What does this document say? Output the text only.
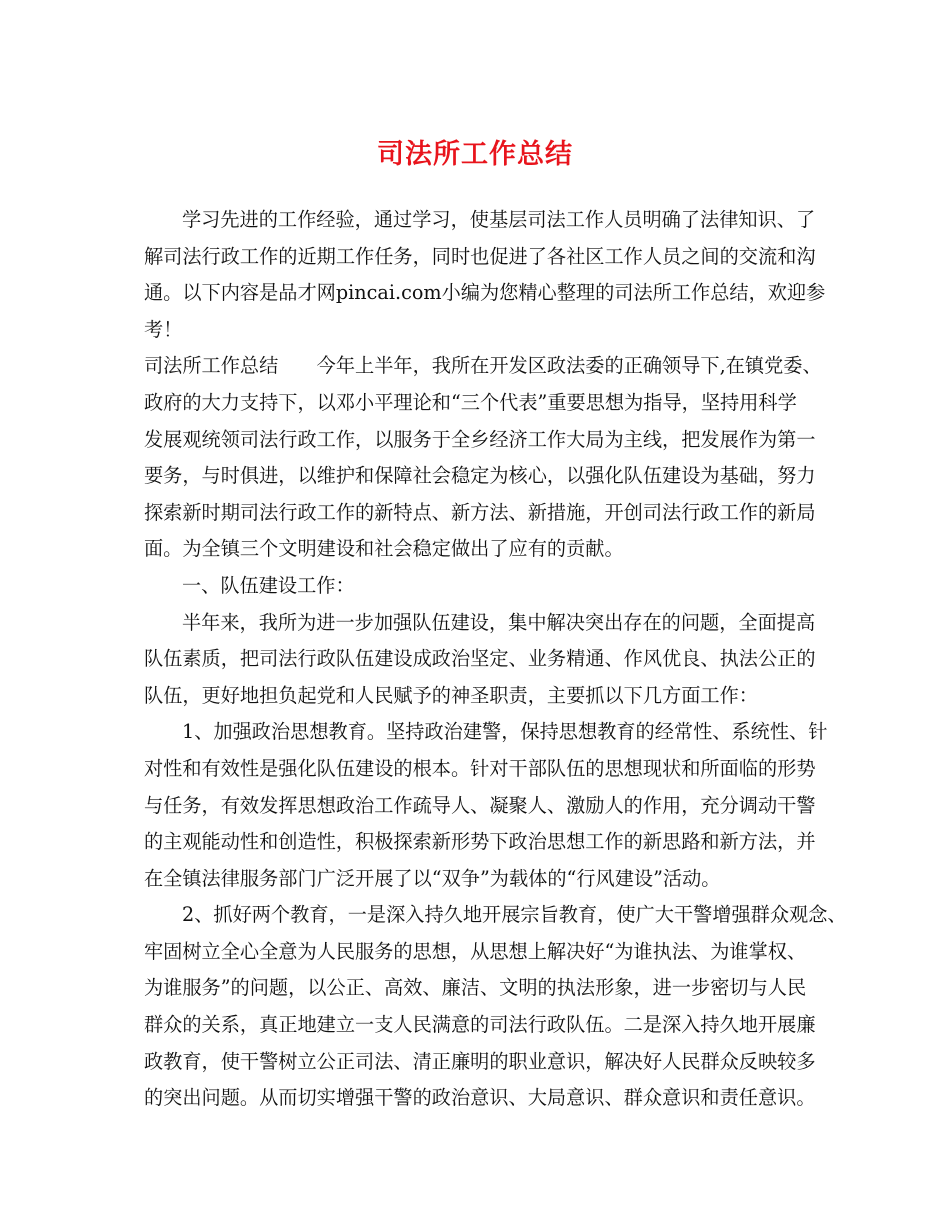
司法所工作总结
学习先进的工作经验，通过学习，使基层司法工作人员明确了法律知识、了
解司法行政工作的近期工作任务，同时也促进了各社区工作人员之间的交流和沟
通。以下内容是品才网pincai.com小编为您精心整理的司法所工作总结，欢迎参
考！
司法所工作总结　　今年上半年，我所在开发区政法委的正确领导下,在镇党委、
政府的大力支持下，以邓小平理论和“三个代表”重要思想为指导，坚持用科学
发展观统领司法行政工作，以服务于全乡经济工作大局为主线，把发展作为第一
要务，与时俱进，以维护和保障社会稳定为核心，以强化队伍建设为基础，努力
探索新时期司法行政工作的新特点、新方法、新措施，开创司法行政工作的新局
面。为全镇三个文明建设和社会稳定做出了应有的贡献。
一、队伍建设工作：
半年来，我所为进一步加强队伍建设，集中解决突出存在的问题，全面提高
队伍素质，把司法行政队伍建设成政治坚定、业务精通、作风优良、执法公正的
队伍，更好地担负起党和人民赋予的神圣职责，主要抓以下几方面工作：
1、加强政治思想教育。坚持政治建警，保持思想教育的经常性、系统性、针
对性和有效性是强化队伍建设的根本。针对干部队伍的思想现状和所面临的形势
与任务，有效发挥思想政治工作疏导人、凝聚人、激励人的作用，充分调动干警
的主观能动性和创造性，积极探索新形势下政治思想工作的新思路和新方法，并
在全镇法律服务部门广泛开展了以“双争”为载体的“行风建设”活动。
2、抓好两个教育，一是深入持久地开展宗旨教育，使广大干警增强群众观念、
牢固树立全心全意为人民服务的思想，从思想上解决好“为谁执法、为谁掌权、
为谁服务”的问题，以公正、高效、廉洁、文明的执法形象，进一步密切与人民
群众的关系，真正地建立一支人民满意的司法行政队伍。二是深入持久地开展廉
政教育，使干警树立公正司法、清正廉明的职业意识，解决好人民群众反映较多
的突出问题。从而切实增强干警的政治意识、大局意识、群众意识和责任意识。
